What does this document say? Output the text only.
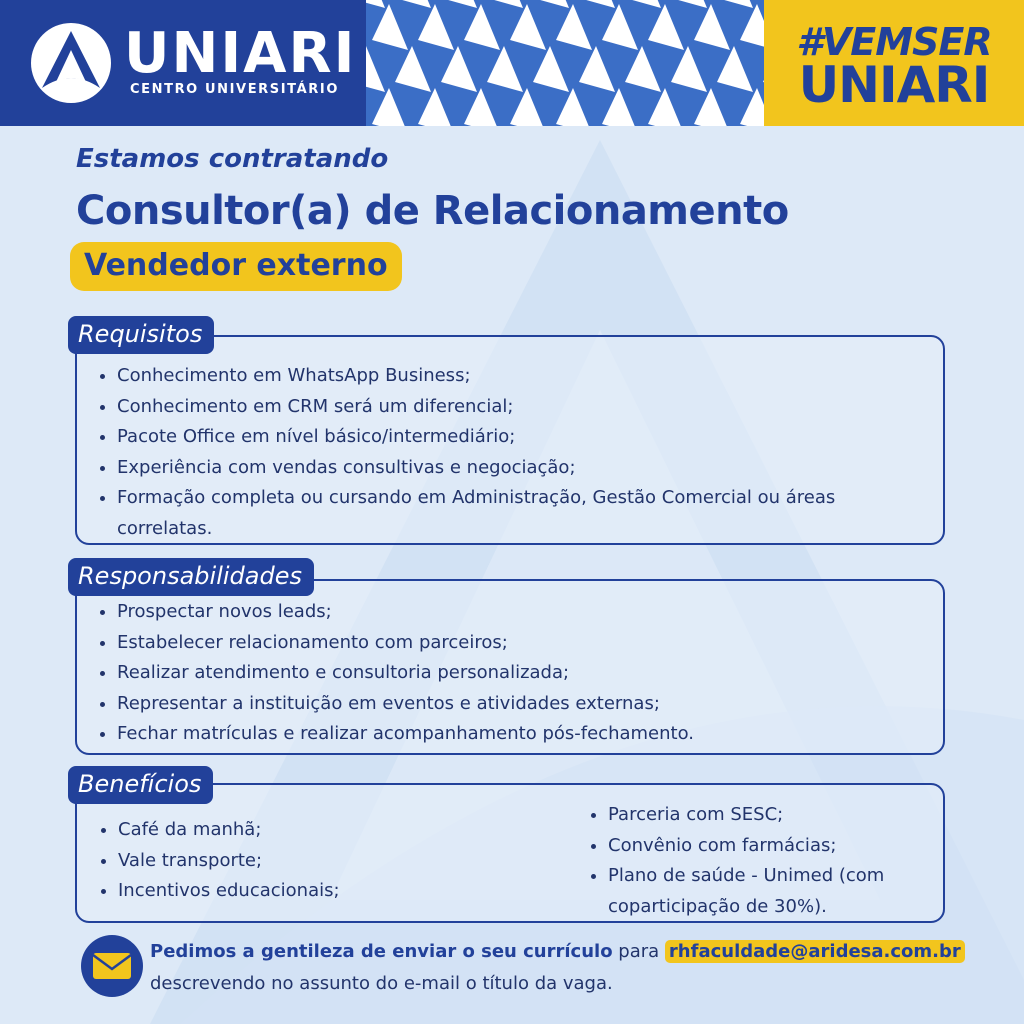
UNIARI
CENTRO UNIVERSITÁRIO
#VEMSER
UNIARI
Estamos contratando
Consultor(a) de Relacionamento
Vendedor externo
Requisitos
Conhecimento em WhatsApp Business;
Conhecimento em CRM será um diferencial;
Pacote Office em nível básico/intermediário;
Experiência com vendas consultivas e negociação;
Formação completa ou cursando em Administração, Gestão Comercial ou áreas correlatas.
Responsabilidades
Prospectar novos leads;
Estabelecer relacionamento com parceiros;
Realizar atendimento e consultoria personalizada;
Representar a instituição em eventos e atividades externas;
Fechar matrículas e realizar acompanhamento pós-fechamento.
Benefícios
Café da manhã;
Vale transporte;
Incentivos educacionais;
Parceria com SESC;
Convênio com farmácias;
Plano de saúde - Unimed (com coparticipação de 30%).
Pedimos a gentileza de enviar o seu currículo para rhfaculdade@aridesa.com.br
descrevendo no assunto do e-mail o título da vaga.
